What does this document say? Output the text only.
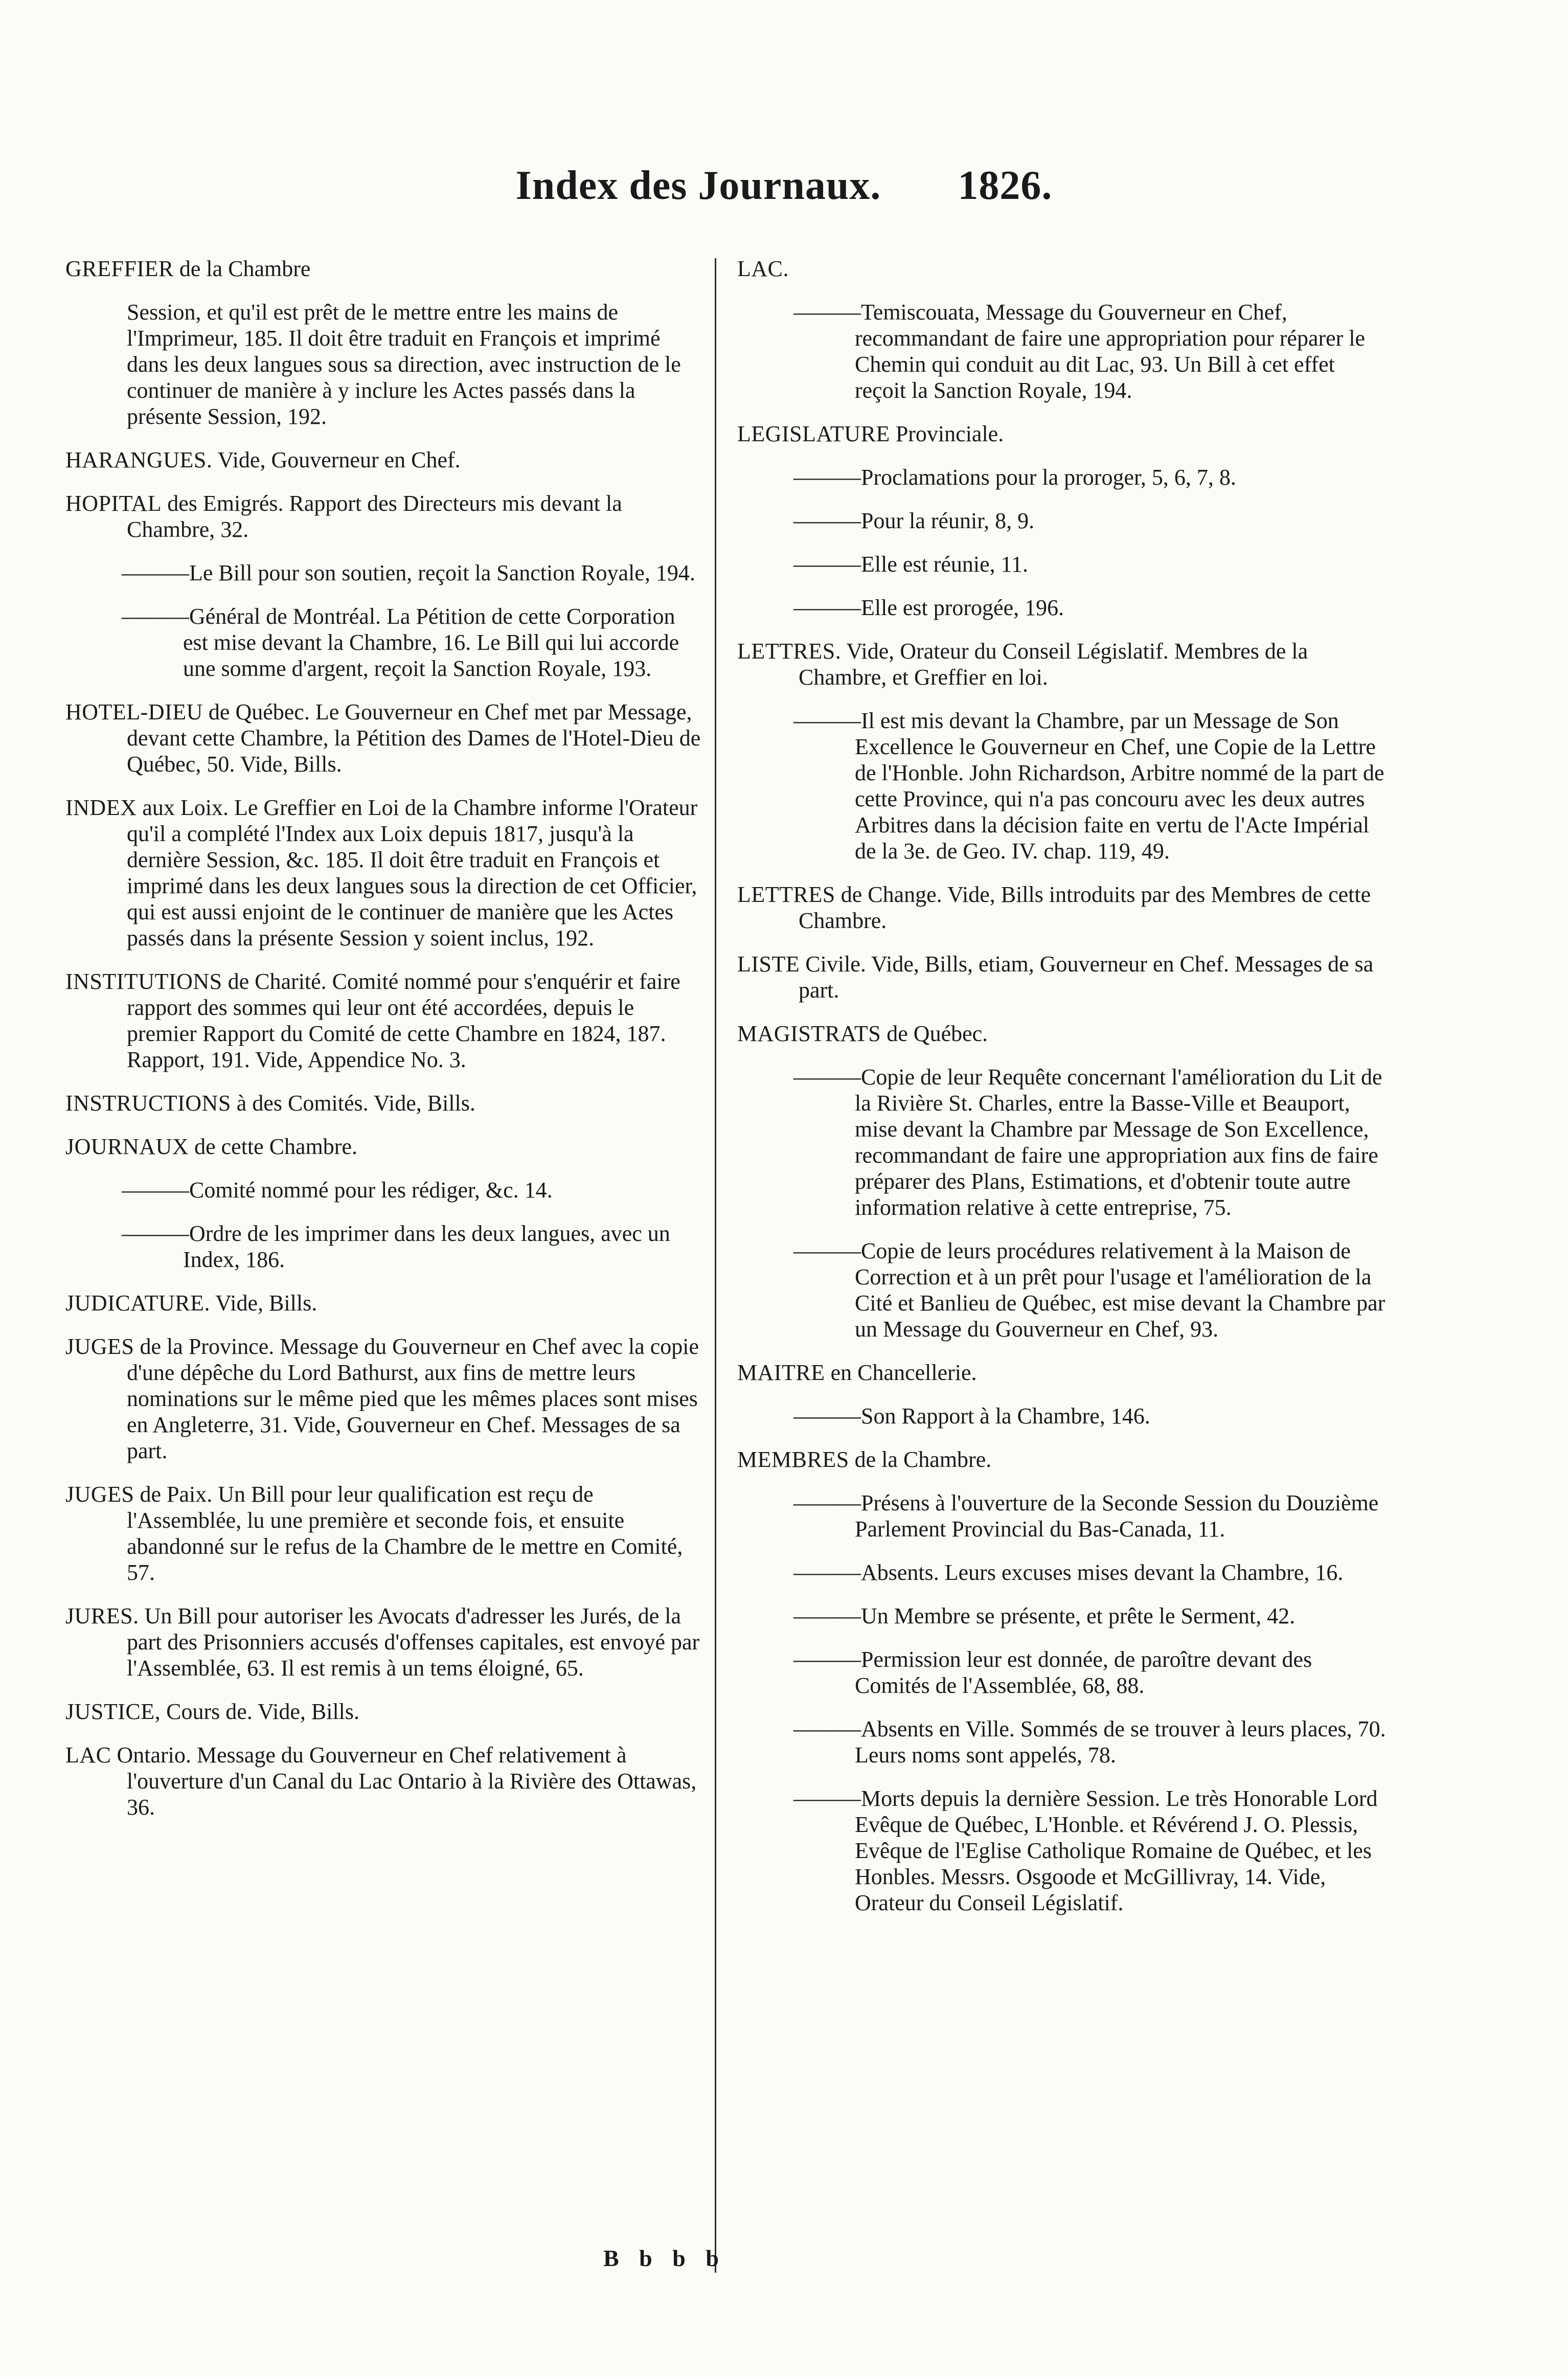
Index des Journaux. 1826.
GREFFIER de la Chambre
Session, et qu'il est prêt de le mettre entre les mains de l'Imprimeur, 185. Il doit être traduit en François et imprimé dans les deux langues sous sa direction, avec instruction de le continuer de manière à y inclure les Actes passés dans la présente Session, 192.
HARANGUES. Vide, Gouverneur en Chef.
HOPITAL des Emigrés. Rapport des Directeurs mis devant la Chambre, 32.
———Le Bill pour son soutien, reçoit la Sanction Royale, 194.
———Général de Montréal. La Pétition de cette Corporation est mise devant la Chambre, 16. Le Bill qui lui accorde une somme d'argent, reçoit la Sanction Royale, 193.
HOTEL-DIEU de Québec. Le Gouverneur en Chef met par Message, devant cette Chambre, la Pétition des Dames de l'Hotel-Dieu de Québec, 50. Vide, Bills.
INDEX aux Loix. Le Greffier en Loi de la Chambre informe l'Orateur qu'il a complété l'Index aux Loix depuis 1817, jusqu'à la dernière Session, &c. 185. Il doit être traduit en François et imprimé dans les deux langues sous la direction de cet Officier, qui est aussi enjoint de le continuer de manière que les Actes passés dans la présente Session y soient inclus, 192.
INSTITUTIONS de Charité. Comité nommé pour s'enquérir et faire rapport des sommes qui leur ont été accordées, depuis le premier Rapport du Comité de cette Chambre en 1824, 187. Rapport, 191. Vide, Appendice No. 3.
INSTRUCTIONS à des Comités. Vide, Bills.
JOURNAUX de cette Chambre.
———Comité nommé pour les rédiger, &c. 14.
———Ordre de les imprimer dans les deux langues, avec un Index, 186.
JUDICATURE. Vide, Bills.
JUGES de la Province. Message du Gouverneur en Chef avec la copie d'une dépêche du Lord Bathurst, aux fins de mettre leurs nominations sur le même pied que les mêmes places sont mises en Angleterre, 31. Vide, Gouverneur en Chef. Messages de sa part.
JUGES de Paix. Un Bill pour leur qualification est reçu de l'Assemblée, lu une première et seconde fois, et ensuite abandonné sur le refus de la Chambre de le mettre en Comité, 57.
JURES. Un Bill pour autoriser les Avocats d'adresser les Jurés, de la part des Prisonniers accusés d'offenses capitales, est envoyé par l'Assemblée, 63. Il est remis à un tems éloigné, 65.
JUSTICE, Cours de. Vide, Bills.
LAC Ontario. Message du Gouverneur en Chef relativement à l'ouverture d'un Canal du Lac Ontario à la Rivière des Ottawas, 36.
LAC.
———Temiscouata, Message du Gouverneur en Chef, recommandant de faire une appropriation pour réparer le Chemin qui conduit au dit Lac, 93. Un Bill à cet effet reçoit la Sanction Royale, 194.
LEGISLATURE Provinciale.
———Proclamations pour la proroger, 5, 6, 7, 8.
———Pour la réunir, 8, 9.
———Elle est réunie, 11.
———Elle est prorogée, 196.
LETTRES. Vide, Orateur du Conseil Législatif. Membres de la Chambre, et Greffier en loi.
———Il est mis devant la Chambre, par un Message de Son Excellence le Gouverneur en Chef, une Copie de la Lettre de l'Honble. John Richardson, Arbitre nommé de la part de cette Province, qui n'a pas concouru avec les deux autres Arbitres dans la décision faite en vertu de l'Acte Impérial de la 3e. de Geo. IV. chap. 119, 49.
LETTRES de Change. Vide, Bills introduits par des Membres de cette Chambre.
LISTE Civile. Vide, Bills, etiam, Gouverneur en Chef. Messages de sa part.
MAGISTRATS de Québec.
———Copie de leur Requête concernant l'amélioration du Lit de la Rivière St. Charles, entre la Basse-Ville et Beauport, mise devant la Chambre par Message de Son Excellence, recommandant de faire une appropriation aux fins de faire préparer des Plans, Estimations, et d'obtenir toute autre information relative à cette entreprise, 75.
———Copie de leurs procédures relativement à la Maison de Correction et à un prêt pour l'usage et l'amélioration de la Cité et Banlieu de Québec, est mise devant la Chambre par un Message du Gouverneur en Chef, 93.
MAITRE en Chancellerie.
———Son Rapport à la Chambre, 146.
MEMBRES de la Chambre.
———Présens à l'ouverture de la Seconde Session du Douzième Parlement Provincial du Bas-Canada, 11.
———Absents. Leurs excuses mises devant la Chambre, 16.
———Un Membre se présente, et prête le Serment, 42.
———Permission leur est donnée, de paroître devant des Comités de l'Assemblée, 68, 88.
———Absents en Ville. Sommés de se trouver à leurs places, 70. Leurs noms sont appelés, 78.
———Morts depuis la dernière Session. Le très Honorable Lord Evêque de Québec, L'Honble. et Révérend J. O. Plessis, Evêque de l'Eglise Catholique Romaine de Québec, et les Honbles. Messrs. Osgoode et McGillivray, 14. Vide, Orateur du Conseil Législatif.
B b b b
